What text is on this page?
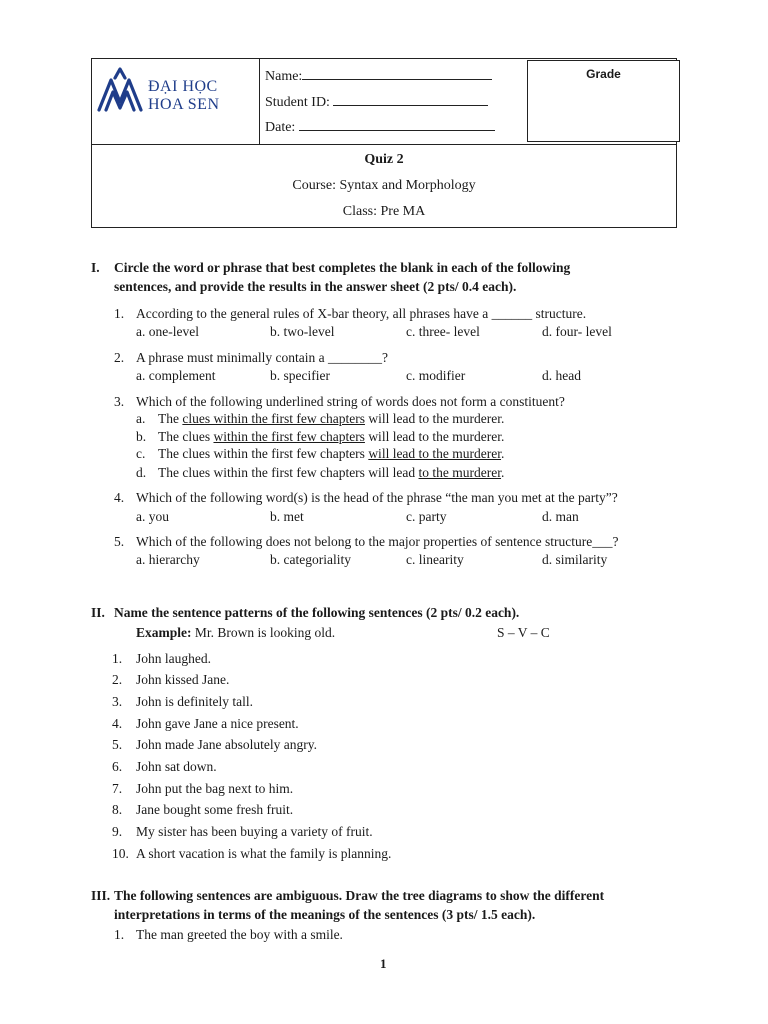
ĐẠI HỌC
HOA SEN
Name:
Student ID:
Date:
Grade
Quiz 2
Course: Syntax and Morphology
Class: Pre MA
I. Circle the word or phrase that best completes the blank in each of the following
sentences, and provide the results in the answer sheet (2 pts/ 0.4 each).
1. According to the general rules of X-bar theory, all phrases have a ______ structure.
a. one-level	b. two-level	c. three- level	d. four- level
2. A phrase must minimally contain a ________?
a. complement	b. specifier	c. modifier	d. head
3. Which of the following underlined string of words does not form a constituent?
a. The clues within the first few chapters will lead to the murderer.
b. The clues within the first few chapters will lead to the murderer.
c. The clues within the first few chapters will lead to the murderer.
d. The clues within the first few chapters will lead to the murderer.
4. Which of the following word(s) is the head of the phrase “the man you met at the party”?
a. you	b. met	c. party	d. man
5. Which of the following does not belong to the major properties of sentence structure___?
a. hierarchy	b. categoriality	c. linearity	d. similarity
II. Name the sentence patterns of the following sentences (2 pts/ 0.2 each).
Example: Mr. Brown is looking old.	S – V – C
1. John laughed.
2. John kissed Jane.
3. John is definitely tall.
4. John gave Jane a nice present.
5. John made Jane absolutely angry.
6. John sat down.
7. John put the bag next to him.
8. Jane bought some fresh fruit.
9. My sister has been buying a variety of fruit.
10. A short vacation is what the family is planning.
III. The following sentences are ambiguous. Draw the tree diagrams to show the different
interpretations in terms of the meanings of the sentences (3 pts/ 1.5 each).
1. The man greeted the boy with a smile.
1
